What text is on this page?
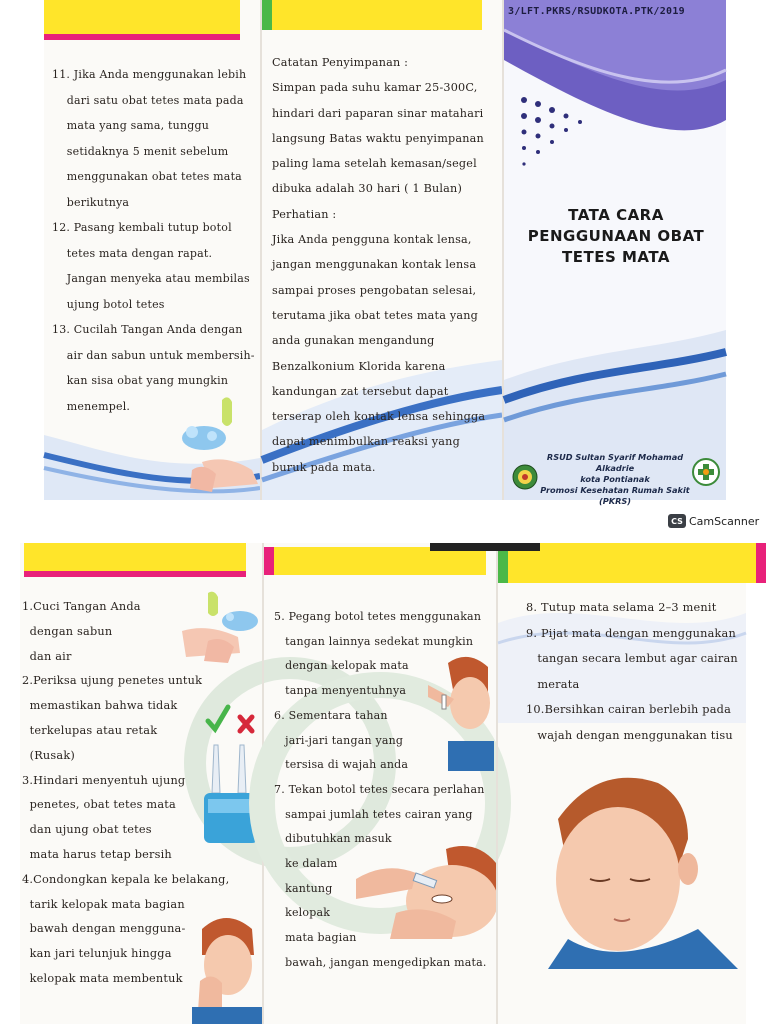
11. Jika Anda menggunakan lebih
dari satu obat tetes mata pada
mata yang sama, tunggu
setidaknya 5 menit sebelum
menggunakan obat tetes mata
berikutnya
12. Pasang kembali tutup botol
tetes mata dengan rapat.
Jangan menyeka atau membilas
ujung botol tetes
13. Cucilah Tangan Anda dengan
air dan sabun untuk membersih-
kan sisa obat yang mungkin
menempel.
Catatan Penyimpanan :
Simpan pada suhu kamar 25-300C,
hindari dari paparan sinar matahari
langsung Batas waktu penyimpanan
paling lama setelah kemasan/segel
dibuka adalah 30 hari ( 1 Bulan)
Perhatian :
Jika Anda pengguna kontak lensa,
jangan menggunakan kontak lensa
sampai proses pengobatan selesai,
terutama jika obat tetes mata yang
anda gunakan mengandung
Benzalkonium Klorida karena
kandungan zat tersebut dapat
terserap oleh kontak lensa sehingga
dapat menimbulkan reaksi yang
buruk pada mata.
3/LFT.PKRS/RSUDKOTA.PTK/2019
TATA CARA
PENGGUNAAN OBAT
TETES MATA
RSUD Sultan Syarif Mohamad Alkadrie
kota Pontianak
Promosi Kesehatan Rumah Sakit
(PKRS)
CS CamScanner
1.Cuci Tangan Anda
dengan sabun
dan air
2.Periksa ujung penetes untuk
memastikan bahwa tidak
terkelupas atau retak
(Rusak)
3.Hindari menyentuh ujung
penetes, obat tetes mata
dan ujung obat tetes
mata harus tetap bersih
4.Condongkan kepala ke belakang,
tarik kelopak mata bagian
bawah dengan menggunа-
kan jari telunjuk hingga
kelopak mata membentuk
5. Pegang botol tetes menggunakan
tangan lainnya sedekat mungkin
dengan kelopak mata
tanpa menyentuhnya
6. Sementara tahan
jari-jari tangan yang
tersisa di wajah anda
7. Tekan botol tetes secara perlahan
sampai jumlah tetes cairan yang
dibutuhkan masuk
ke dalam
kantung
kelopak
mata bagian
bawah, jangan mengedipkan mata.
8. Tutup mata selama 2–3 menit
9. Pijat mata dengan menggunakan
tangan secara lembut agar cairan
merata
10.Bersihkan cairan berlebih pada
wajah dengan menggunakan tisu
